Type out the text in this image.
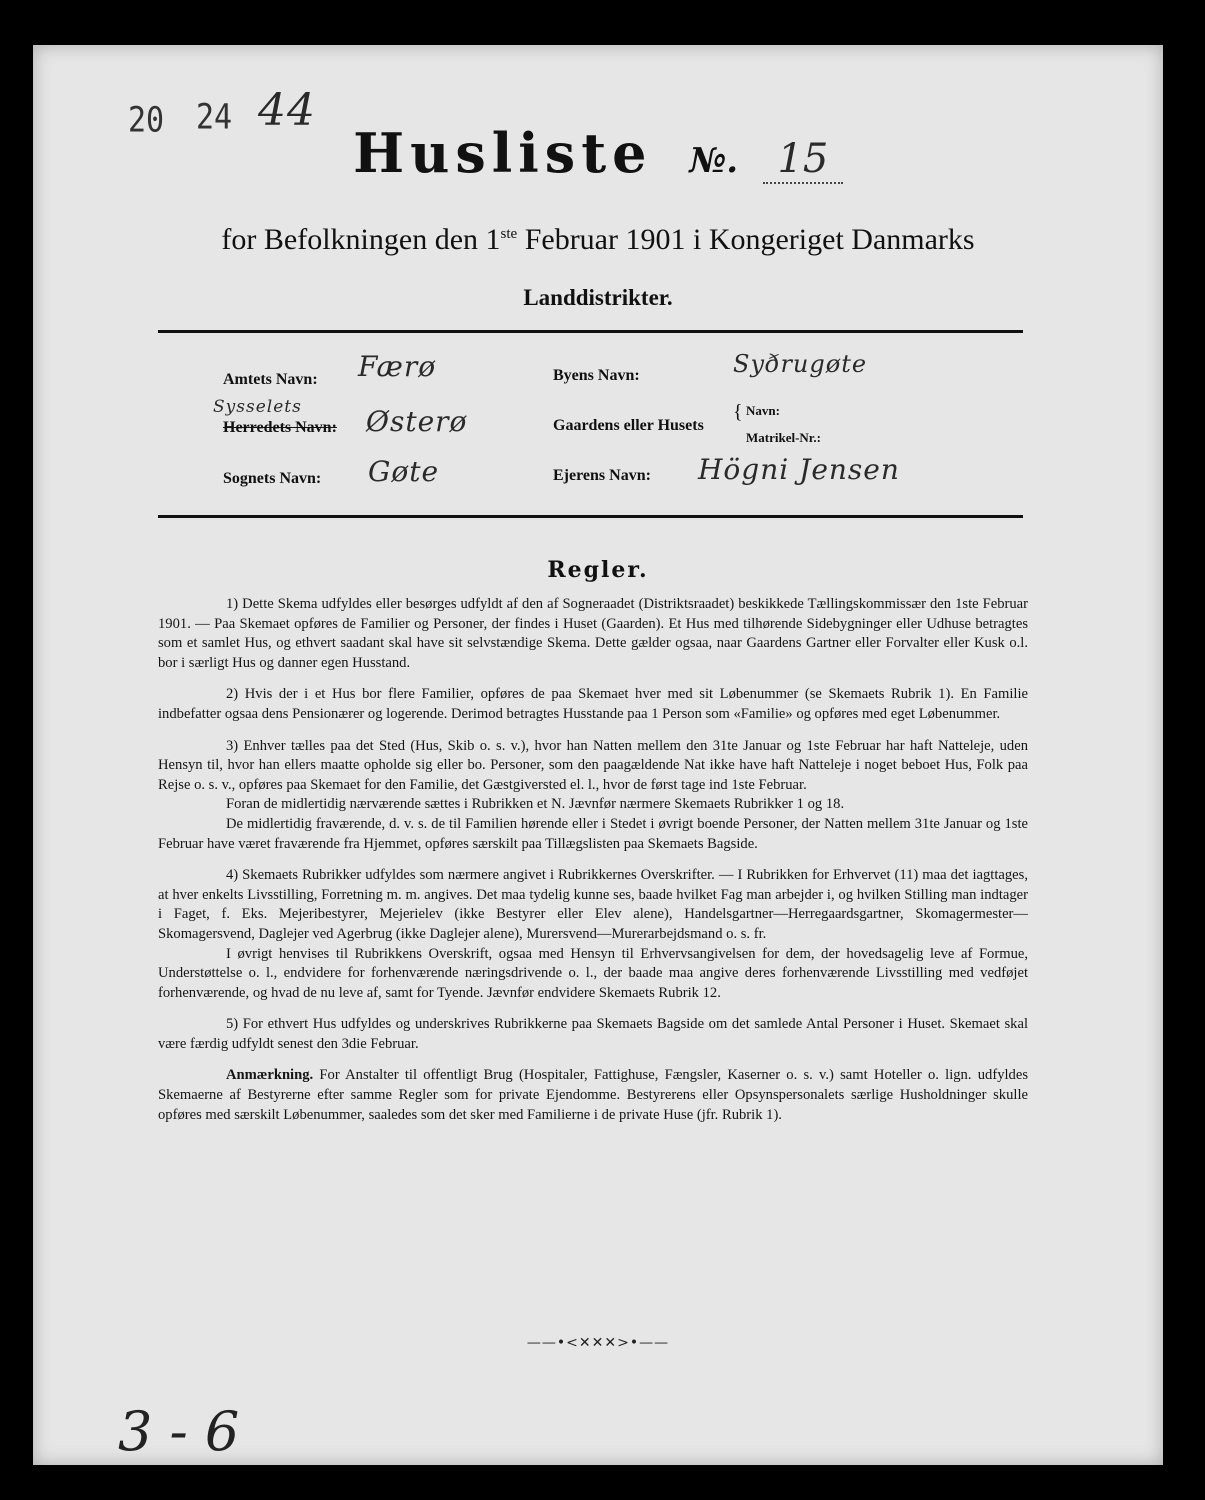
20 24 44
Husliste №. 15
for Befolkningen den 1ste Februar 1901 i Kongeriget Danmarks
Landdistrikter.
Amtets Navn: Færø
Sysselets
Herredets Navn: Østerø
Sognets Navn: Gøte
Byens Navn:	Syðrugøte
Gaardens eller Husets
{ Navn:
Matrikel-Nr.:
Ejerens Navn: Högni Jensen
Regler.

1) Dette Skema udfyldes eller besørges udfyldt af den af Sogneraadet (Distriktsraadet) beskikkede Tællingskommissær den 1ste Februar 1901. — Paa Skemaet opføres de Familier og Personer, der findes i Huset (Gaarden). Et Hus med tilhørende Sidebygninger eller Udhuse betragtes som et samlet Hus, og ethvert saadant skal have sit selvstændige Skema. Dette gælder ogsaa, naar Gaardens Gartner eller Forvalter eller Kusk o.l. bor i særligt Hus og danner egen Husstand.

2) Hvis der i et Hus bor flere Familier, opføres de paa Skemaet hver med sit Løbenummer (se Skemaets Rubrik 1). En Familie indbefatter ogsaa dens Pensionærer og logerende. Derimod betragtes Husstande paa 1 Person som «Familie» og opføres med eget Løbenummer.

3) Enhver tælles paa det Sted (Hus, Skib o. s. v.), hvor han Natten mellem den 31te Januar og 1ste Februar har haft Natteleje, uden Hensyn til, hvor han ellers maatte opholde sig eller bo. Personer, som den paagældende Nat ikke have haft Natteleje i noget beboet Hus, Folk paa Rejse o. s. v., opføres paa Skemaet for den Familie, det Gæstgiversted el. l., hvor de først tage ind 1ste Februar.

Foran de midlertidig nærværende sættes i Rubrikken et N. Jævnfør nærmere Skemaets Rubrikker 1 og 18.

De midlertidig fraværende, d. v. s. de til Familien hørende eller i Stedet i øvrigt boende Personer, der Natten mellem 31te Januar og 1ste Februar have været fraværende fra Hjemmet, opføres særskilt paa Tillægslisten paa Skemaets Bagside.

4) Skemaets Rubrikker udfyldes som nærmere angivet i Rubrikkernes Overskrifter. — I Rubrikken for Erhvervet (11) maa det iagttages, at hver enkelts Livsstilling, Forretning m. m. angives. Det maa tydelig kunne ses, baade hvilket Fag man arbejder i, og hvilken Stilling man indtager i Faget, f. Eks. Mejeribestyrer, Mejerielev (ikke Bestyrer eller Elev alene), Handelsgartner—Herregaardsgartner, Skomagermester—Skomagersvend, Daglejer ved Agerbrug (ikke Daglejer alene), Murersvend—Murerarbejdsmand o. s. fr.

I øvrigt henvises til Rubrikkens Overskrift, ogsaa med Hensyn til Erhvervsangivelsen for dem, der hovedsagelig leve af Formue, Understøttelse o. l., endvidere for forhenværende næringsdrivende o. l., der baade maa angive deres forhenværende Livsstilling med vedføjet forhenværende, og hvad de nu leve af, samt for Tyende. Jævnfør endvidere Skemaets Rubrik 12.

5) For ethvert Hus udfyldes og underskrives Rubrikkerne paa Skemaets Bagside om det samlede Antal Personer i Huset. Skemaet skal være færdig udfyldt senest den 3die Februar.

Anmærkning. For Anstalter til offentligt Brug (Hospitaler, Fattighuse, Fængsler, Kaserner o. s. v.) samt Hoteller o. lign. udfyldes Skemaerne af Bestyrerne efter samme Regler som for private Ejendomme. Bestyrerens eller Opsynspersonalets særlige Husholdninger skulle opføres med særskilt Løbenummer, saaledes som det sker med Familierne i de private Huse (jfr. Rubrik 1).

——•<✕✕✕>•——
3 - 6
